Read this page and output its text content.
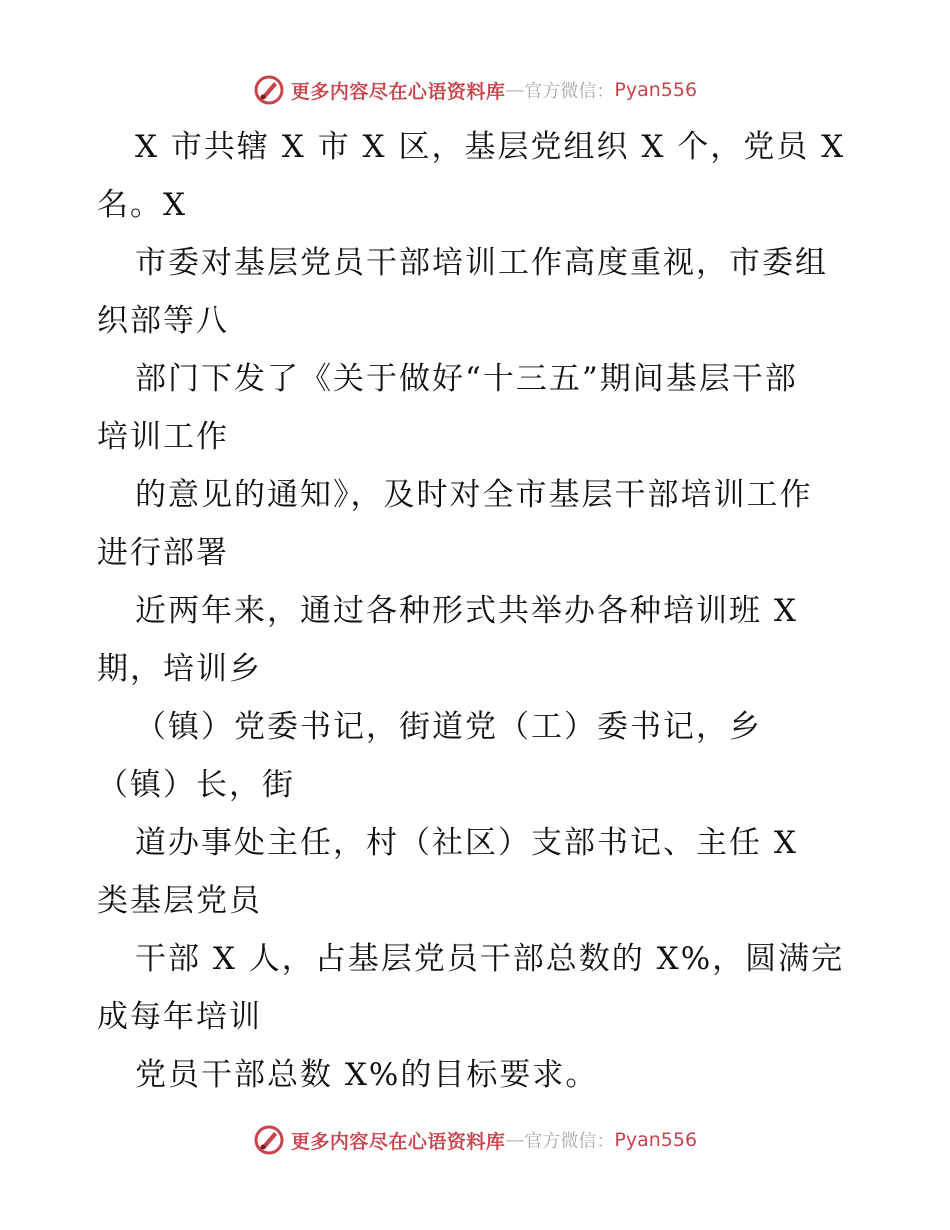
更多内容尽在心语资料库 — 官方微信： Pyan556
X 市共辖 X 市 X 区，基层党组织 X 个，党员 X
名。X
市委对基层党员干部培训工作高度重视，市委组
织部等八
部门下发了《关于做好“十三五”期间基层干部
培训工作
的意见的通知》，及时对全市基层干部培训工作
进行部署
近两年来，通过各种形式共举办各种培训班 X
期，培训乡
（镇）党委书记，街道党（工）委书记，乡
（镇）长，街
道办事处主任，村（社区）支部书记、主任 X
类基层党员
干部 X 人，占基层党员干部总数的 X%，圆满完
成每年培训
党员干部总数 X%的目标要求。
更多内容尽在心语资料库 — 官方微信： Pyan556
